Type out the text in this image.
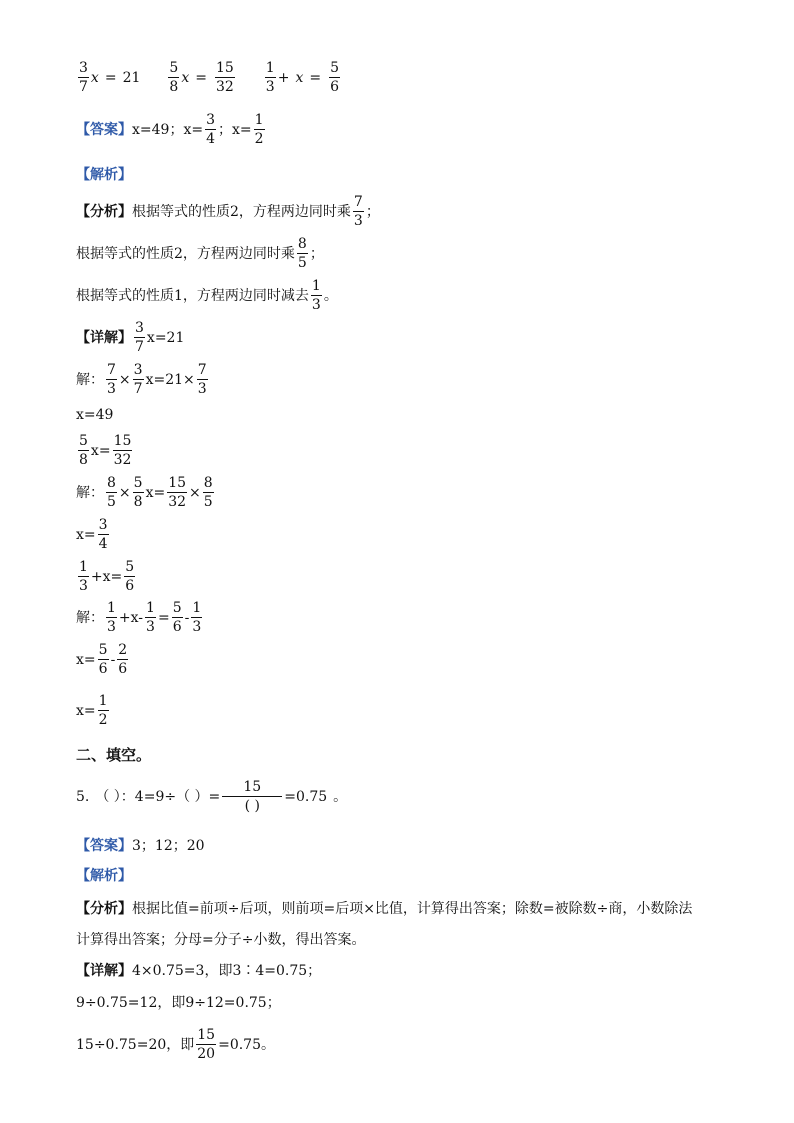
$\frac{3}{7}$ $x = 21 \frac{5}{8}$ $x = \frac{15}{32} \frac{1}{3} + x = \frac{5}{6}$
【答案】 x=49；$x= \frac{3}{4}$ ；$x= \frac{1}{2}$
【解析】
【分析】 根据等式的性质2，方程两边同时乘 $\frac{7}{3}$ ；
根据等式的性质2，方程两边同时乘 $\frac{8}{5}$ ；
根据等式的性质1，方程两边同时减去 $\frac{1}{3}$ 。
【详解】 $\frac{3}{7} x=21$
解： $\frac{7}{3} \times \frac{3}{7} x=21\times \frac{7}{3}$
x=49
$\frac{5}{8} x= \frac{15}{32}$
解： $\frac{8}{5} \times \frac{5}{8} x= \frac{15}{32} \times \frac{8}{5}$
$x= \frac{3}{4}$
$\frac{1}{3} +x= \frac{5}{6}$
解： $\frac{1}{3} +x- \frac{1}{3} = \frac{5}{6} - \frac{1}{3}$
$x= \frac{5}{6} - \frac{2}{6}$
$x= \frac{1}{2}$
二、填空。
5. （ ）：4=9÷（ ）= $\frac{15}{( )} =0.75$ 。
【答案】 3；12；20
【解析】
【分析】 根据比值=前项÷后项，则前项=后项×比值，计算得出答案；除数=被除数÷商，小数除法
计算得出答案；分母=分子÷小数，得出答案。
【详解】 4×0.75=3，即3∶4=0.75；
9÷0.75=12，即9÷12=0.75；
15÷0.75=20，即 $\frac{15}{20} =0.75$。
